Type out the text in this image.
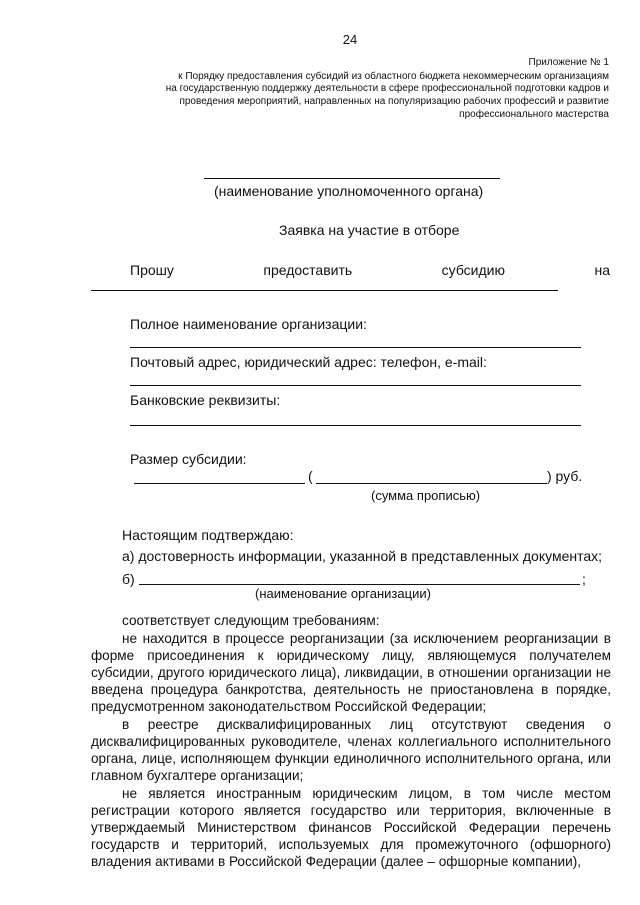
24
Приложение № 1
к Порядку предоставления субсидий из областного бюджета некоммерческим организациям
на государственную поддержку деятельности в сфере профессиональной подготовки кадров и
проведения мероприятий, направленных на популяризацию рабочих профессий и развитие
профессионального мастерства
(наименование уполномоченного органа)
Заявка на участие в отборе
Прошу	предоставить	субсидию	на
Полное наименование организации:
Почтовый адрес, юридический адрес: телефон, e-mail:
Банковские реквизиты:
Размер субсидии:
(	) руб.
(сумма прописью)
Настоящим подтверждаю:
а) достоверность информации, указанной в представленных документах;
б)	;
(наименование организации)
соответствует следующим требованиям:
не находится в процессе реорганизации (за исключением реорганизации в форме присоединения к юридическому лицу, являющемуся получателем субсидии, другого юридического лица), ликвидации, в отношении организации не введена процедура банкротства, деятельность не приостановлена в порядке, предусмотренном законодательством Российской Федерации;
в реестре дисквалифицированных лиц отсутствуют сведения о дисквалифицированных руководителе, членах коллегиального исполнительного органа, лице, исполняющем функции единоличного исполнительного органа, или главном бухгалтере организации;
не является иностранным юридическим лицом, в том числе местом регистрации которого является государство или территория, включенные в утверждаемый Министерством финансов Российской Федерации перечень государств и территорий, используемых для промежуточного (офшорного) владения активами в Российской Федерации (далее – офшорные компании),
